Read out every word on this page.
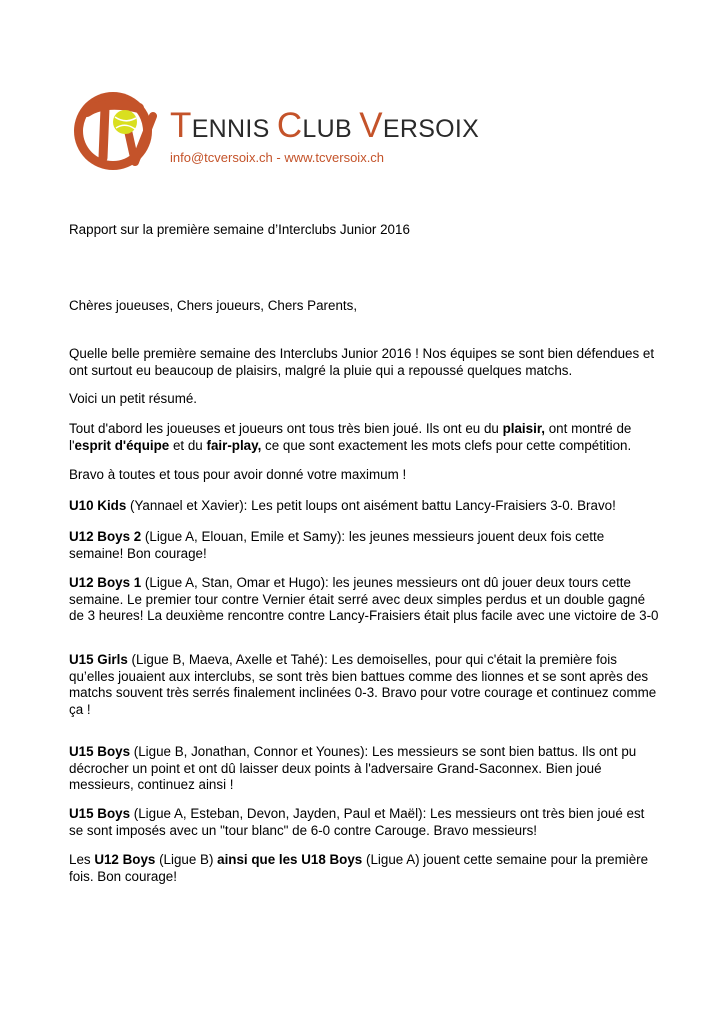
TENNIS CLUB VERSOIX
info@tcversoix.ch - www.tcversoix.ch

Rapport sur la première semaine d’Interclubs Junior 2016

Chères joueuses, Chers joueurs, Chers Parents,

Quelle belle première semaine des Interclubs Junior 2016 ! Nos équipes se sont bien défendues et ont surtout eu beaucoup de plaisirs, malgré la pluie qui a repoussé quelques matchs.

Voici un petit résumé.

Tout d'abord les joueuses et joueurs ont tous très bien joué. Ils ont eu du plaisir, ont montré de l'esprit d'équipe et du fair-play, ce que sont exactement les mots clefs pour cette compétition.

Bravo à toutes et tous pour avoir donné votre maximum !

U10 Kids (Yannael et Xavier): Les petit loups ont aisément battu Lancy-Fraisiers 3-0. Bravo!

U12 Boys 2 (Ligue A, Elouan, Emile et Samy): les jeunes messieurs jouent deux fois cette semaine! Bon courage!

U12 Boys 1 (Ligue A, Stan, Omar et Hugo): les jeunes messieurs ont dû jouer deux tours cette semaine. Le premier tour contre Vernier était serré avec deux simples perdus et un double gagné de 3 heures! La deuxième rencontre contre Lancy-Fraisiers était plus facile avec une victoire de 3-0

U15 Girls (Ligue B, Maeva, Axelle et Tahé): Les demoiselles, pour qui c'était la première fois qu’elles jouaient aux interclubs, se sont très bien battues comme des lionnes et se sont après des matchs souvent très serrés finalement inclinées 0-3. Bravo pour votre courage et continuez comme ça !

U15 Boys (Ligue B, Jonathan, Connor et Younes): Les messieurs se sont bien battus. Ils ont pu décrocher un point et ont dû laisser deux points à l'adversaire Grand-Saconnex. Bien joué messieurs, continuez ainsi !

U15 Boys (Ligue A, Esteban, Devon, Jayden, Paul et Maël): Les messieurs ont très bien joué est se sont imposés avec un "tour blanc" de 6-0 contre Carouge. Bravo messieurs!

Les U12 Boys (Ligue B) ainsi que les U18 Boys (Ligue A) jouent cette semaine pour la première fois. Bon courage!
